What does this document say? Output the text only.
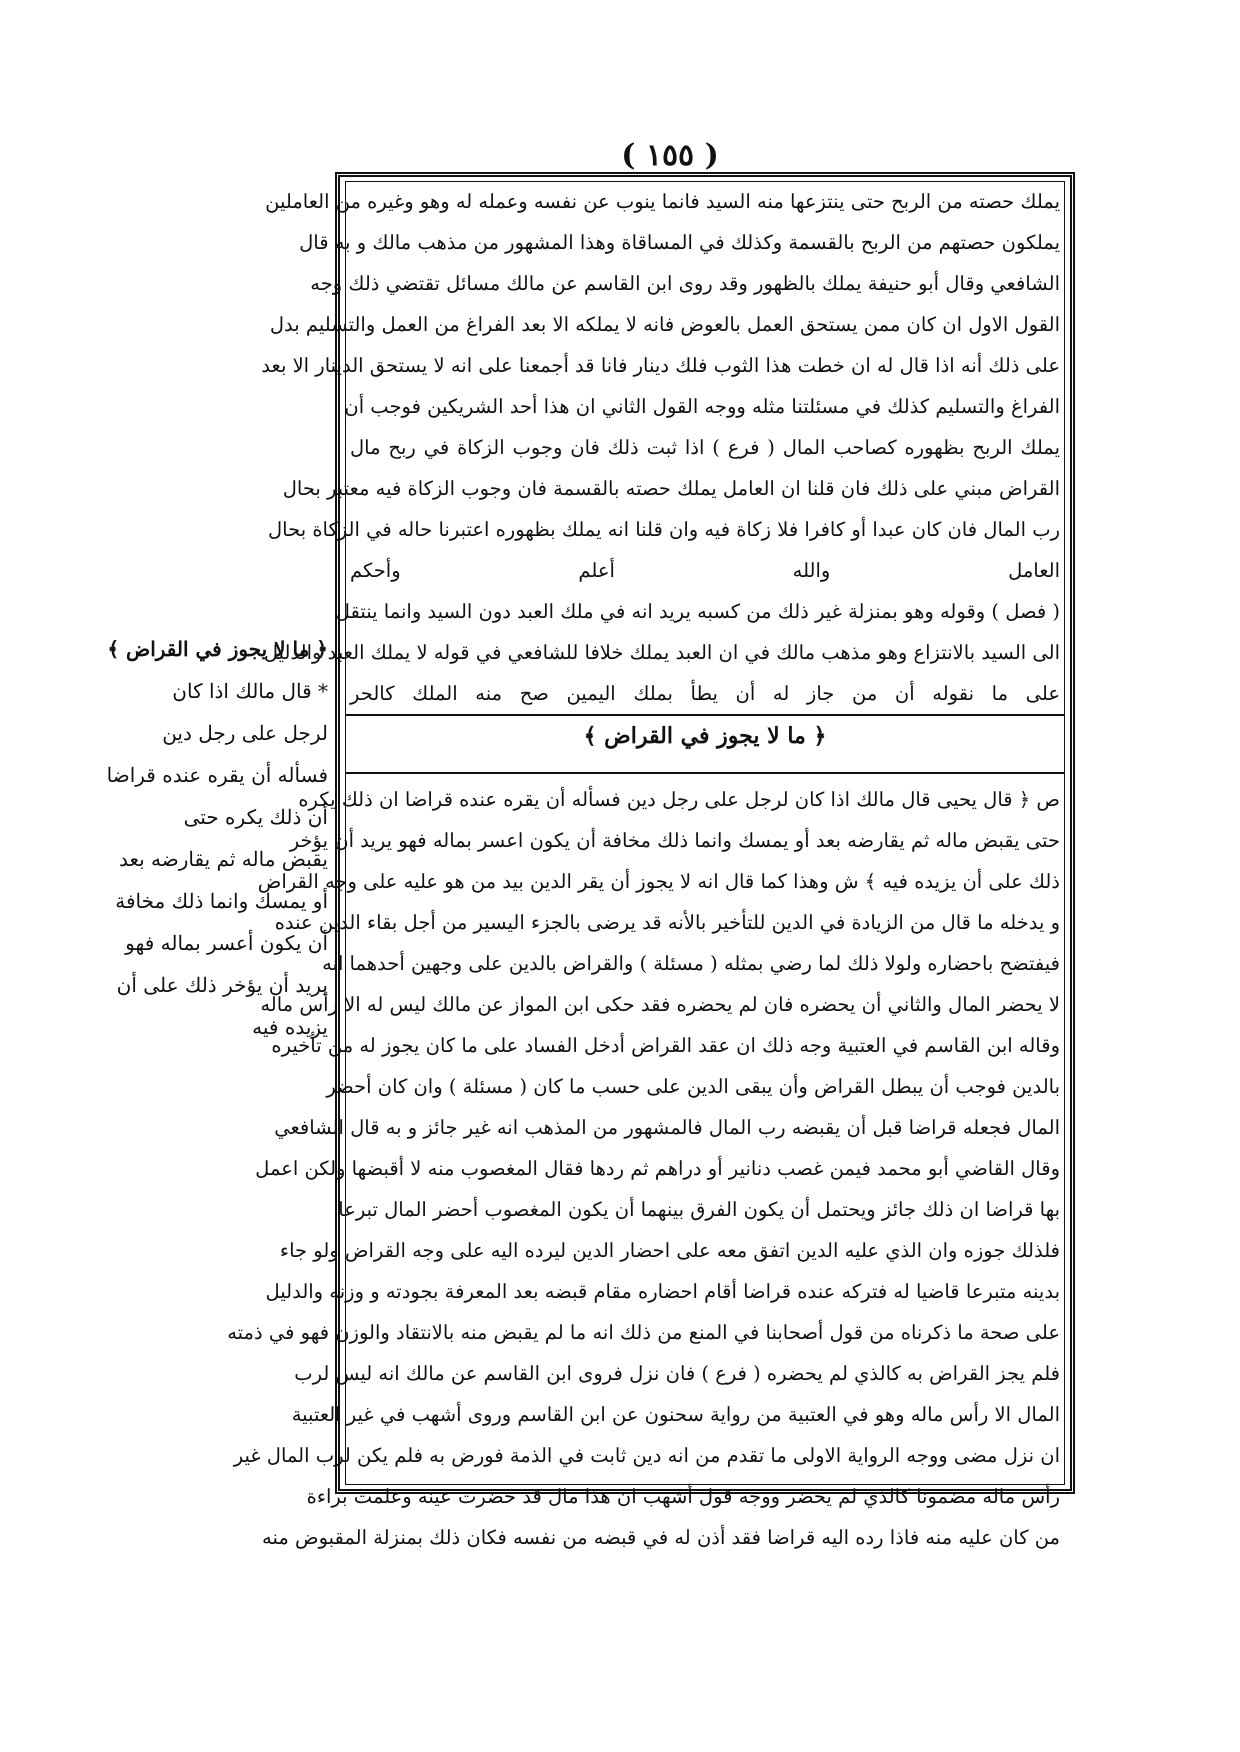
( ١٥٥ )
يملك حصته من الربح حتى ينتزعها منه السيد فانما ينوب عن نفسه وعمله له وهو وغيره من العاملين
يملكون حصتهم من الربح بالقسمة وكذلك في المساقاة وهذا المشهور من مذهب مالك و به قال
الشافعي وقال أبو حنيفة يملك بالظهور وقد روى ابن القاسم عن مالك مسائل تقتضي ذلك وجه
القول الاول ان كان ممن يستحق العمل بالعوض فانه لا يملكه الا بعد الفراغ من العمل والتسليم بدل
على ذلك أنه اذا قال له ان خطت هذا الثوب فلك دينار فانا قد أجمعنا على انه لا يستحق الدينار الا بعد
الفراغ والتسليم كذلك في مسئلتنا مثله ووجه القول الثاني ان هذا أحد الشريكين فوجب أن
يملك الربح بظهوره كصاحب المال ( فرع ) اذا ثبت ذلك فان وجوب الزكاة في ربح مال
القراض مبني على ذلك فان قلنا ان العامل يملك حصته بالقسمة فان وجوب الزكاة فيه معتبر بحال
رب المال فان كان عبدا أو كافرا فلا زكاة فيه وان قلنا انه يملك بظهوره اعتبرنا حاله في الزكاة بحال
العامل والله أعلم وأحكم
( فصل ) وقوله وهو بمنزلة غير ذلك من كسبه يريد انه في ملك العبد دون السيد وانما ينتقل
الى السيد بالانتزاع وهو مذهب مالك في ان العبد يملك خلافا للشافعي في قوله لا يملك العبد والدليل
على ما نقوله أن من جاز له أن يطأ بملك اليمين صح منه الملك كالحر
﴿ ما لا يجوز في القراض ﴾
ص ﴿ قال يحيى قال مالك اذا كان لرجل على رجل دين فسأله أن يقره عنده قراضا ان ذلك يكره
حتى يقبض ماله ثم يقارضه بعد أو يمسك وانما ذلك مخافة أن يكون اعسر بماله فهو يريد أن يؤخر
ذلك على أن يزيده فيه ﴾ ش وهذا كما قال انه لا يجوز أن يقر الدين بيد من هو عليه على وجه القراض
و يدخله ما قال من الزيادة في الدين للتأخير بالأنه قد يرضى بالجزء اليسير من أجل بقاء الدين عنده
فيفتضح باحضاره ولولا ذلك لما رضي بمثله ( مسئلة ) والقراض بالدين على وجهين أحدهما انه
لا يحضر المال والثاني أن يحضره فان لم يحضره فقد حكى ابن المواز عن مالك ليس له الا رأس ماله
وقاله ابن القاسم في العتبية وجه ذلك ان عقد القراض أدخل الفساد على ما كان يجوز له من تأخيره
بالدين فوجب أن يبطل القراض وأن يبقى الدين على حسب ما كان ( مسئلة ) وان كان أحضر
المال فجعله قراضا قبل أن يقبضه رب المال فالمشهور من المذهب انه غير جائز و به قال الشافعي
وقال القاضي أبو محمد فيمن غصب دنانير أو دراهم ثم ردها فقال المغصوب منه لا أقبضها ولكن اعمل
بها قراضا ان ذلك جائز ويحتمل أن يكون الفرق بينهما أن يكون المغصوب أحضر المال تبرعا
فلذلك جوزه وان الذي عليه الدين اتفق معه على احضار الدين ليرده اليه على وجه القراض ولو جاء
بدينه متبرعا قاضيا له فتركه عنده قراضا أقام احضاره مقام قبضه بعد المعرفة بجودته و وزنه والدليل
على صحة ما ذكرناه من قول أصحابنا في المنع من ذلك انه ما لم يقبض منه بالانتقاد والوزن فهو في ذمته
فلم يجز القراض به كالذي لم يحضره ( فرع ) فان نزل فروى ابن القاسم عن مالك انه ليس لرب
المال الا رأس ماله وهو في العتبية من رواية سحنون عن ابن القاسم وروى أشهب في غير العتبية
ان نزل مضى ووجه الرواية الاولى ما تقدم من انه دين ثابت في الذمة فورض به فلم يكن لرب المال غير
رأس ماله مضمونا كالذي لم يحضر ووجه قول أشهب ان هذا مال قد حضرت عينه وعلمت براءة
من كان عليه منه فاذا رده اليه قراضا فقد أذن له في قبضه من نفسه فكان ذلك بمنزلة المقبوض منه
﴿ ما لا يجوز في القراض ﴾
* قال مالك اذا كان
لرجل على رجل دين
فسأله أن يقره عنده قراضا
أن ذلك يكره حتى
يقبض ماله ثم يقارضه بعد
أو يمسك وانما ذلك مخافة
أن يكون أعسر بماله فهو
يريد أن يؤخر ذلك على أن
يزيده فيه
